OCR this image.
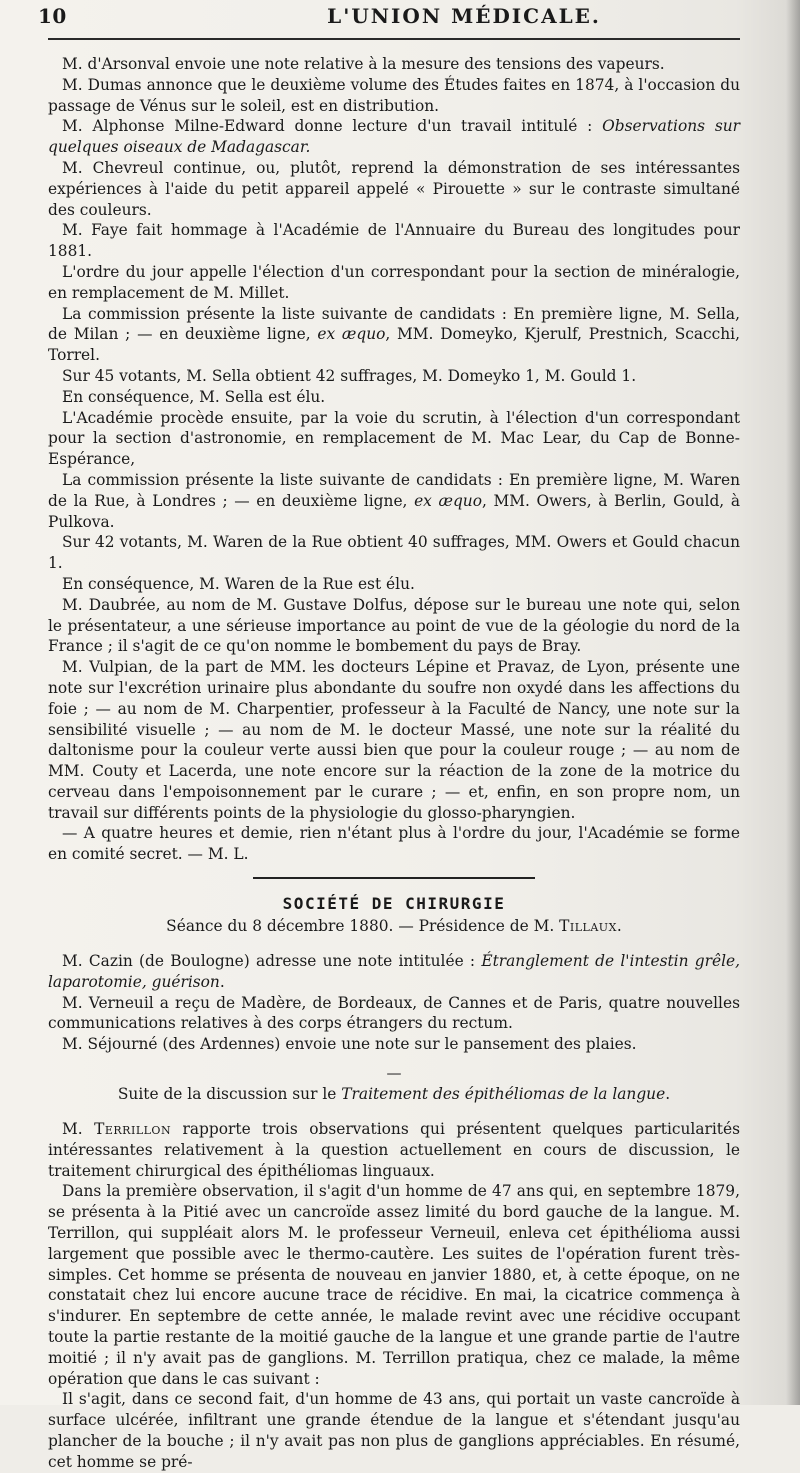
10	L'UNION MÉDICALE.

M. d'Arsonval envoie une note relative à la mesure des tensions des vapeurs.

M. Dumas annonce que le deuxième volume des Études faites en 1874, à l'occasion du passage de Vénus sur le soleil, est en distribution.

M. Alphonse Milne-Edward donne lecture d'un travail intitulé : Observations sur quelques oiseaux de Madagascar.

M. Chevreul continue, ou, plutôt, reprend la démonstration de ses intéressantes expériences à l'aide du petit appareil appelé « Pirouette » sur le contraste simultané des couleurs.

M. Faye fait hommage à l'Académie de l'Annuaire du Bureau des longitudes pour 1881.

L'ordre du jour appelle l'élection d'un correspondant pour la section de minéralogie, en remplacement de M. Millet.

La commission présente la liste suivante de candidats : En première ligne, M. Sella, de Milan ; — en deuxième ligne, ex æquo, MM. Domeyko, Kjerulf, Prestnich, Scacchi, Torrel.

Sur 45 votants, M. Sella obtient 42 suffrages, M. Domeyko 1, M. Gould 1.

En conséquence, M. Sella est élu.

L'Académie procède ensuite, par la voie du scrutin, à l'élection d'un correspondant pour la section d'astronomie, en remplacement de M. Mac Lear, du Cap de Bonne-Espérance,

La commission présente la liste suivante de candidats : En première ligne, M. Waren de la Rue, à Londres ; — en deuxième ligne, ex æquo, MM. Owers, à Berlin, Gould, à Pulkova.

Sur 42 votants, M. Waren de la Rue obtient 40 suffrages, MM. Owers et Gould chacun 1.

En conséquence, M. Waren de la Rue est élu.

M. Daubrée, au nom de M. Gustave Dolfus, dépose sur le bureau une note qui, selon le présentateur, a une sérieuse importance au point de vue de la géologie du nord de la France ; il s'agit de ce qu'on nomme le bombement du pays de Bray.

M. Vulpian, de la part de MM. les docteurs Lépine et Pravaz, de Lyon, présente une note sur l'excrétion urinaire plus abondante du soufre non oxydé dans les affections du foie ; — au nom de M. Charpentier, professeur à la Faculté de Nancy, une note sur la sensibilité visuelle ; — au nom de M. le docteur Massé, une note sur la réalité du daltonisme pour la couleur verte aussi bien que pour la couleur rouge ; — au nom de MM. Couty et Lacerda, une note encore sur la réaction de la zone de la motrice du cerveau dans l'empoisonnement par le curare ; — et, enfin, en son propre nom, un travail sur différents points de la physiologie du glosso-pharyngien.

— A quatre heures et demie, rien n'étant plus à l'ordre du jour, l'Académie se forme en comité secret. — M. L.

SOCIÉTÉ DE CHIRURGIE
Séance du 8 décembre 1880. — Présidence de M. Tillaux.

M. Cazin (de Boulogne) adresse une note intitulée : Étranglement de l'intestin grêle, laparotomie, guérison.

M. Verneuil a reçu de Madère, de Bordeaux, de Cannes et de Paris, quatre nouvelles communications relatives à des corps étrangers du rectum.

M. Séjourné (des Ardennes) envoie une note sur le pansement des plaies.

—
Suite de la discussion sur le Traitement des épithéliomas de la langue.

M. Terrillon rapporte trois observations qui présentent quelques particularités intéressantes relativement à la question actuellement en cours de discussion, le traitement chirurgical des épithéliomas linguaux.

Dans la première observation, il s'agit d'un homme de 47 ans qui, en septembre 1879, se présenta à la Pitié avec un cancroïde assez limité du bord gauche de la langue. M. Terrillon, qui suppléait alors M. le professeur Verneuil, enleva cet épithélioma aussi largement que possible avec le thermo-cautère. Les suites de l'opération furent très-simples. Cet homme se présenta de nouveau en janvier 1880, et, à cette époque, on ne constatait chez lui encore aucune trace de récidive. En mai, la cicatrice commença à s'indurer. En septembre de cette année, le malade revint avec une récidive occupant toute la partie restante de la moitié gauche de la langue et une grande partie de l'autre moitié ; il n'y avait pas de ganglions. M. Terrillon pratiqua, chez ce malade, la même opération que dans le cas suivant :

Il s'agit, dans ce second fait, d'un homme de 43 ans, qui portait un vaste cancroïde à surface ulcérée, infiltrant une grande étendue de la langue et s'étendant jusqu'au plancher de la bouche ; il n'y avait pas non plus de ganglions appréciables. En résumé, cet homme se pré-
